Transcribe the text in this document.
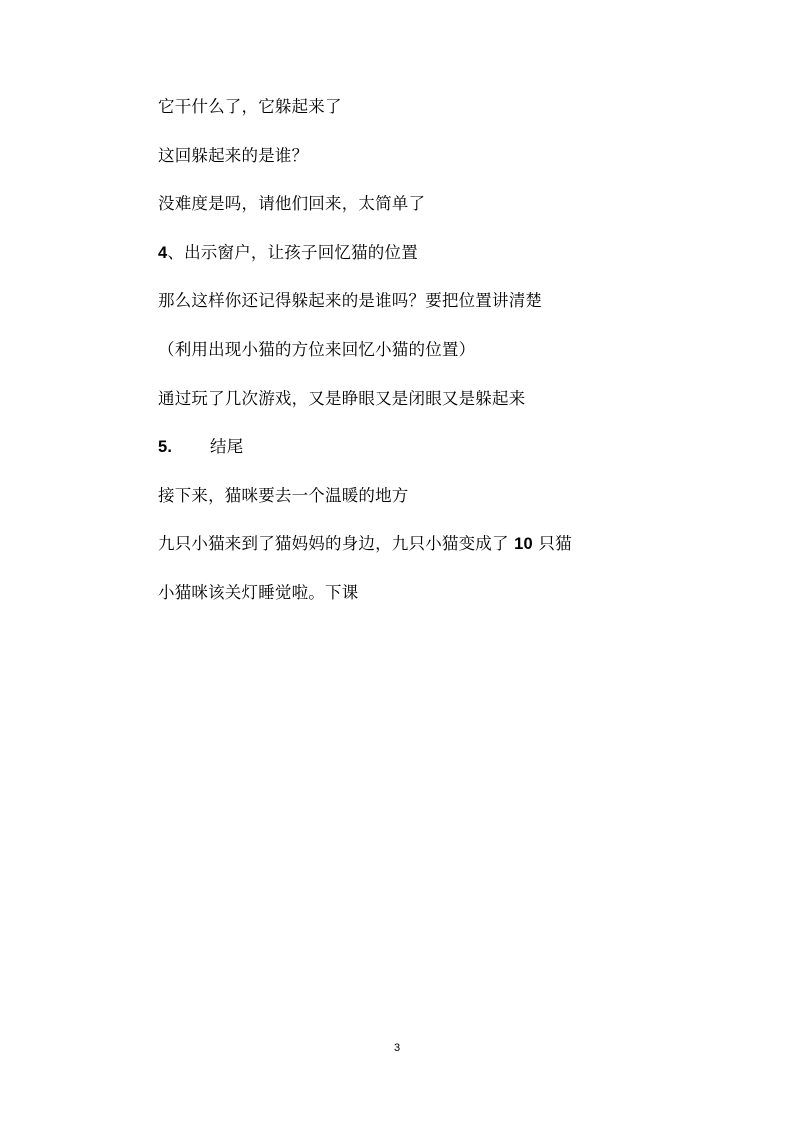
它干什么了，它躲起来了
这回躲起来的是谁？
没难度是吗，请他们回来，太简单了
4、出示窗户，让孩子回忆猫的位置
那么这样你还记得躲起来的是谁吗？要把位置讲清楚
（利用出现小猫的方位来回忆小猫的位置）
通过玩了几次游戏，又是睁眼又是闭眼又是躲起来
5.	结尾
接下来，猫咪要去一个温暖的地方
九只小猫来到了猫妈妈的身边，九只小猫变成了 10 只猫
小猫咪该关灯睡觉啦。下课
3
